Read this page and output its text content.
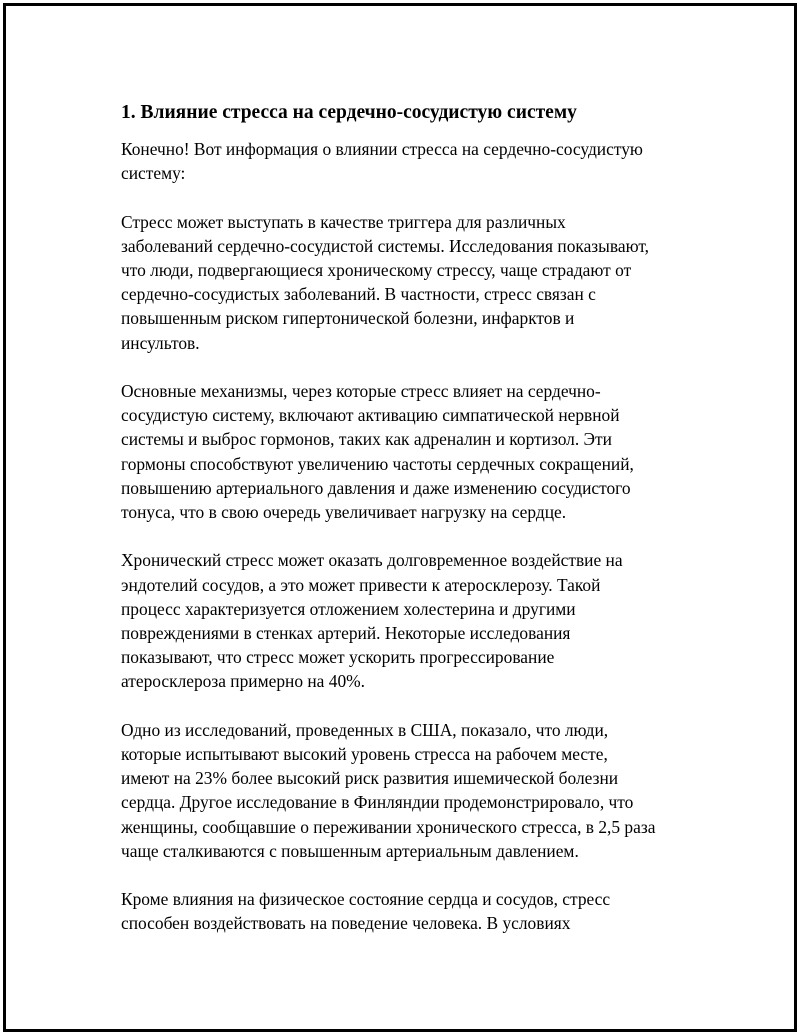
1. Влияние стресса на сердечно-сосудистую систему

Конечно! Вот информация о влиянии стресса на сердечно-сосудистую
систему:

Стресс может выступать в качестве триггера для различных
заболеваний сердечно-сосудистой системы. Исследования показывают,
что люди, подвергающиеся хроническому стрессу, чаще страдают от
сердечно-сосудистых заболеваний. В частности, стресс связан с
повышенным риском гипертонической болезни, инфарктов и
инсультов.

Основные механизмы, через которые стресс влияет на сердечно-
сосудистую систему, включают активацию симпатической нервной
системы и выброс гормонов, таких как адреналин и кортизол. Эти
гормоны способствуют увеличению частоты сердечных сокращений,
повышению артериального давления и даже изменению сосудистого
тонуса, что в свою очередь увеличивает нагрузку на сердце.

Хронический стресс может оказать долговременное воздействие на
эндотелий сосудов, а это может привести к атеросклерозу. Такой
процесс характеризуется отложением холестерина и другими
повреждениями в стенках артерий. Некоторые исследования
показывают, что стресс может ускорить прогрессирование
атеросклероза примерно на 40%.

Одно из исследований, проведенных в США, показало, что люди,
которые испытывают высокий уровень стресса на рабочем месте,
имеют на 23% более высокий риск развития ишемической болезни
сердца. Другое исследование в Финляндии продемонстрировало, что
женщины, сообщавшие о переживании хронического стресса, в 2,5 раза
чаще сталкиваются с повышенным артериальным давлением.

Кроме влияния на физическое состояние сердца и сосудов, стресс
способен воздействовать на поведение человека. В условиях
